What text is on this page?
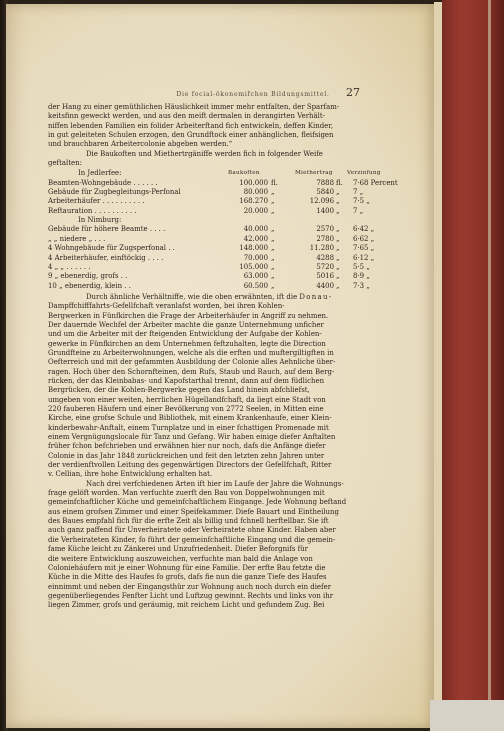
Die focial-ökonomifchen Bildungsmittel.	27
der Hang zu einer gemüthlichen Häuslichkeit immer mehr entfalten, der Sparfam-
keitsfinn geweckt werden, und aus den meift dermalen in derangirten Verhält-
niffen lebenden Familien ein folider Arbeiterftand fich entwickeln, deffen Kinder,
in gut geleiteten Schulen erzogen, den Grundftock einer anhänglichen, fleifsigen
und brauchbaren Arbeitercolonie abgeben werden.“
Die Baukoften und Miethertrgäniffe werden fich in folgender Weife
geftalten:
In Jedlerfee:	Baukoften	Miethertrag	Verzinfung
Beamten-Wohngebäude . . . . . .	100.000 fl.	7888 fl. 7·68 Percent
Gebäude für Zugbegleitungs-Perfonal	80.000 „	5840 „ 7 „
Arbeiterhäufer . . . . . . . . . .	168.270 „	12.096 „ 7·5 „
Reftauration . . . . . . . . . .	20.000 „	1400 „ 7 „
In Nimburg:
Gebäude für höhere Beamte . . . .	40.000 „	2570 „ 6·42 „
„ „ niedere „ . . .	42.000 „	2780 „ 6·62 „
4 Wohngebäude für Zugsperfonal . .	148.000 „	11.280 „ 7·65 „
4 Arbeiterhäufer, einftöckig . . . .	70.000 „	4288 „ 6·12 „
4 „ „ . . . . . .	105.000 „	5720 „ 5·5 „
9 „ ebenerdig, grofs . .	63.000 „	5016 „ 8·9 „
10 „ ebenerdig, klein . .	60.500 „	4400 „ 7·3 „
Durch ähnliche Verhältniffe, wie die oben erwähnten, ift die Donau-
Dampffchifffahrts-Gefellfchaft veranlafst worden, bei ihren Kohlen-
Bergwerken in Fünfkirchen die Frage der Arbeiterhäufer in Angriff zu nehmen.
Der dauernde Wechfel der Arbeiter machte die ganze Unternehmung unficher
und um die Arbeiter mit der fteigenden Entwicklung der Aufgabe der Kohlen-
gewerke in Fünfkirchen an dem Unternehmen feftzuhalten, legte die Direction
Grundfteine zu Arbeiterwohnungen, welche als die erften und muftergiltigften in
Oefterreich und mit der gefammten Ausbildung der Colonie alles Aehnliche über-
ragen. Hoch über den Schornfteinen, dem Rufs, Staub und Rauch, auf dem Berg-
rücken, der das Kleinbabas- und Kapofstarthal trennt, dann auf dem füdlichen
Bergrücken, der die Kohlen-Bergwerke gegen das Land hinein abfchliefst,
umgeben von einer weiten, herrlichen Hügellandfchaft, da liegt eine Stadt von
220 fauberen Häufern und einer Bevölkerung von 2772 Seelen, in Mitten eine
Kirche, eine grofse Schule und Bibliothek, mit einem Krankenhaufe, einer Klein-
kinderbewahr-Anftalt, einem Turnplatze und in einer fchattigen Promenade mit
einem Vergnügungslocale für Tanz und Gefang. Wir haben einige diefer Anftalten
früher fchon befchrieben und erwähnen hier nur noch, dafs die Anfänge diefer
Colonie in das Jahr 1848 zurückreichen und feit den letzten zehn Jahren unter
der verdienftvollen Leitung des gegenwärtigen Directors der Gefellfchaft, Ritter
v. Cellian, ihre hohe Entwicklung erhalten hat.
Nach drei verfchiedenen Arten ift hier im Laufe der Jahre die Wohnungs-
frage gelöft worden. Man verfuchte zuerft den Bau von Doppelwohnungen mit
gemeinfchaftlicher Küche und gemeinfchaftlichem Eingange. Jede Wohnung beftand
aus einem grofsen Zimmer und einer Speifekammer. Diefe Bauart und Eintheilung
des Baues empfahl fich für die erfte Zeit als billig und fchnell herftellbar. Sie ift
auch ganz paffend für Unverheiratete oder Verheiratete ohne Kinder. Haben aber
die Verheirateten Kinder, fo führt der gemeinfchaftliche Eingang und die gemein-
fame Küche leicht zu Zänkerei und Unzufriedenheit. Diefer Beforgnifs für
die weitere Entwicklung auszuweichen, verfuchte man bald die Anlage von
Colonieháufern mit je einer Wohnung für eine Familie. Der erfte Bau fetzte die
Küche in die Mitte des Haufes fo grofs, dafs fie nun die ganze Tiefe des Haufes
einnimmt und neben der Eingangsthür zur Wohnung auch noch durch ein diefer
gegenüberliegendes Fenfter Licht und Luftzug gewinnt. Rechts und links von ihr
liegen Zimmer, grofs und geräumig, mit reichem Licht und gefundem Zug. Bei
